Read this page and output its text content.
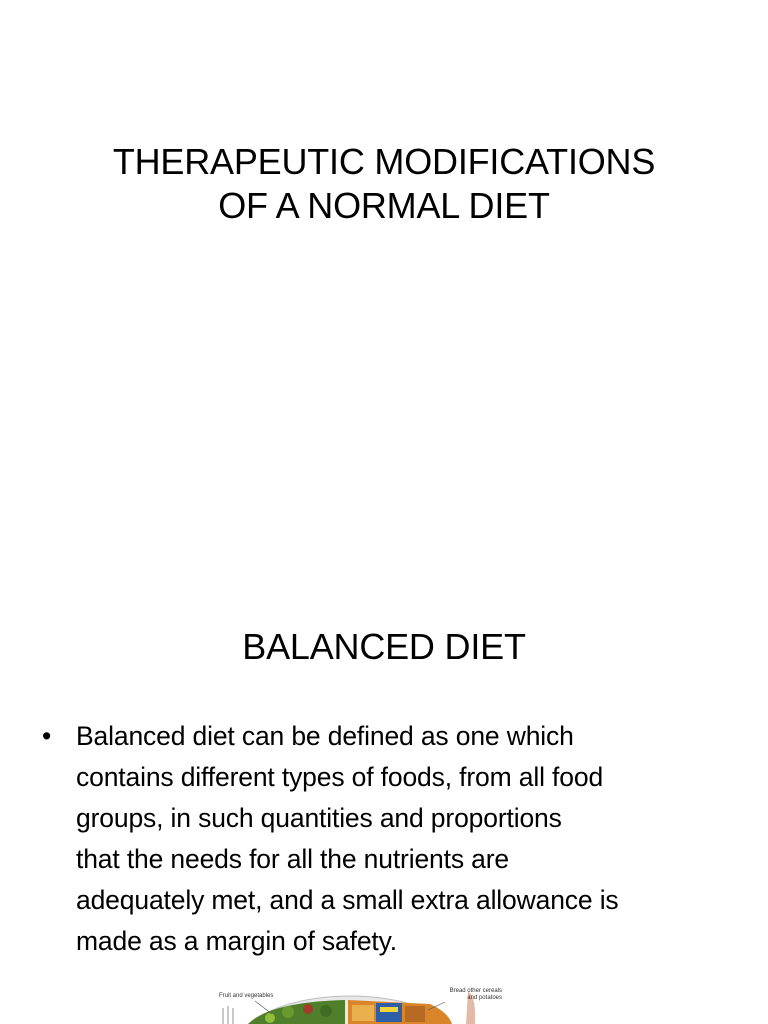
THERAPEUTIC MODIFICATIONS
OF A NORMAL DIET
BALANCED DIET
• Balanced diet can be defined as one which
contains different types of foods, from all food
groups, in such quantities and proportions
that the needs for all the nutrients are
adequately met, and a small extra allowance is
made as a margin of safety.
Fruit and vegetables
Bread other cereals
and potatoes
